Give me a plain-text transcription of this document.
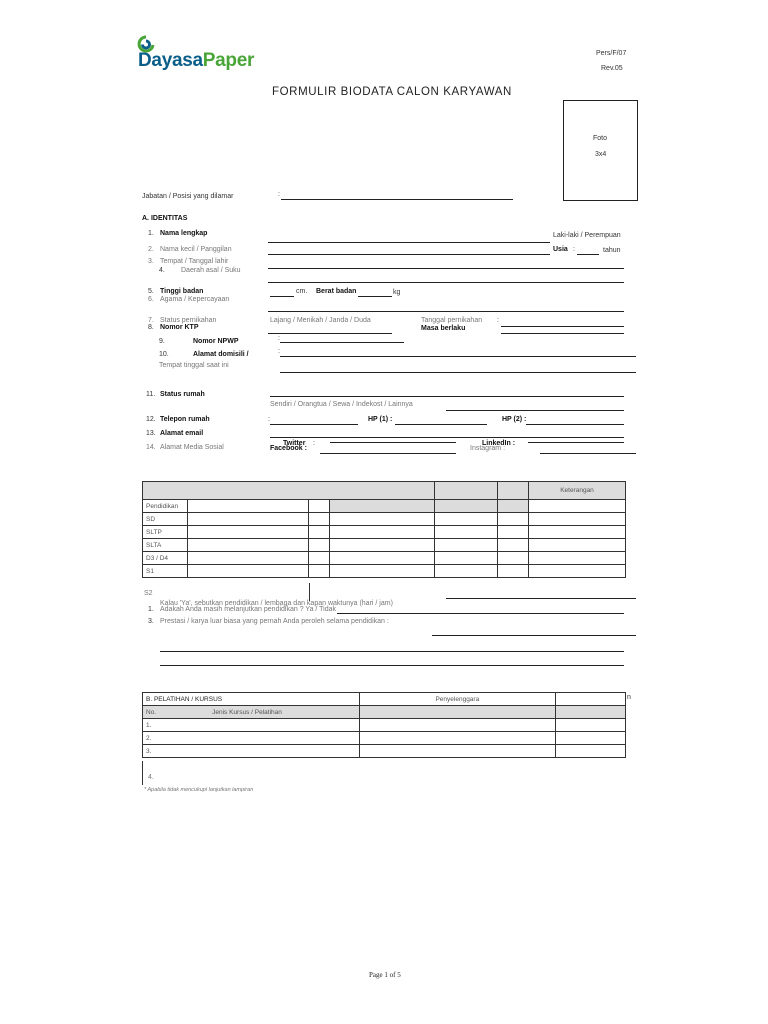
DayasaPaper	Pers/F/07
Rev.05
FORMULIR BIODATA CALON KARYAWAN
Foto
3x4
Jabatan / Posisi yang dilamar	:
A. IDENTITAS
1. Nama lengkap	Laki-laki / Perempuan
2. Nama kecil / Panggilan	Usia :	tahun
3. Tempat / Tanggal lahir
4. Daerah asal / Suku
5. Tinggi badan	cm. Berat badan	kg
6. Agama / Kepercayaan
7. Status pernikahan	Lajang / Menikah / Janda / Duda	Tanggal pernikahan :
8. Nomor KTP	Masa berlaku
9.	Nomor NPWP	:
10.	Alamat domisili /
Tempat tinggal saat ini
:
11. Status rumah
Sendiri / Orangtua / Sewa / Indekost / Lainnya
12. Telepon rumah	:	HP (1) :	HP (2) :
13. Alamat email
14. Alamat Media Sosial
Twitter :
Facebook :
LinkedIn :
Instagram :
						Keterangan
Pendidikan						
SD						
SLTP						
SLTA						
D3 / D4						
S1						
S2
Kalau 'Ya', sebutkan pendidikan / lembaga dan kapan waktunya (hari / jam)
1. Adakah Anda masih melanjutkan pendidikan ? Ya / Tidak
3. Prestasi / karya luar biasa yang pernah Anda peroleh selama pendidikan :
B. PELATIHAN / KURSUS	Penyelenggara	
No. Jenis Kursus / Pelatihan		
1.		
2.		
3.		
4.
n
* Apabila tidak mencukupi lanjutkan lampiran
Page 1 of 5
